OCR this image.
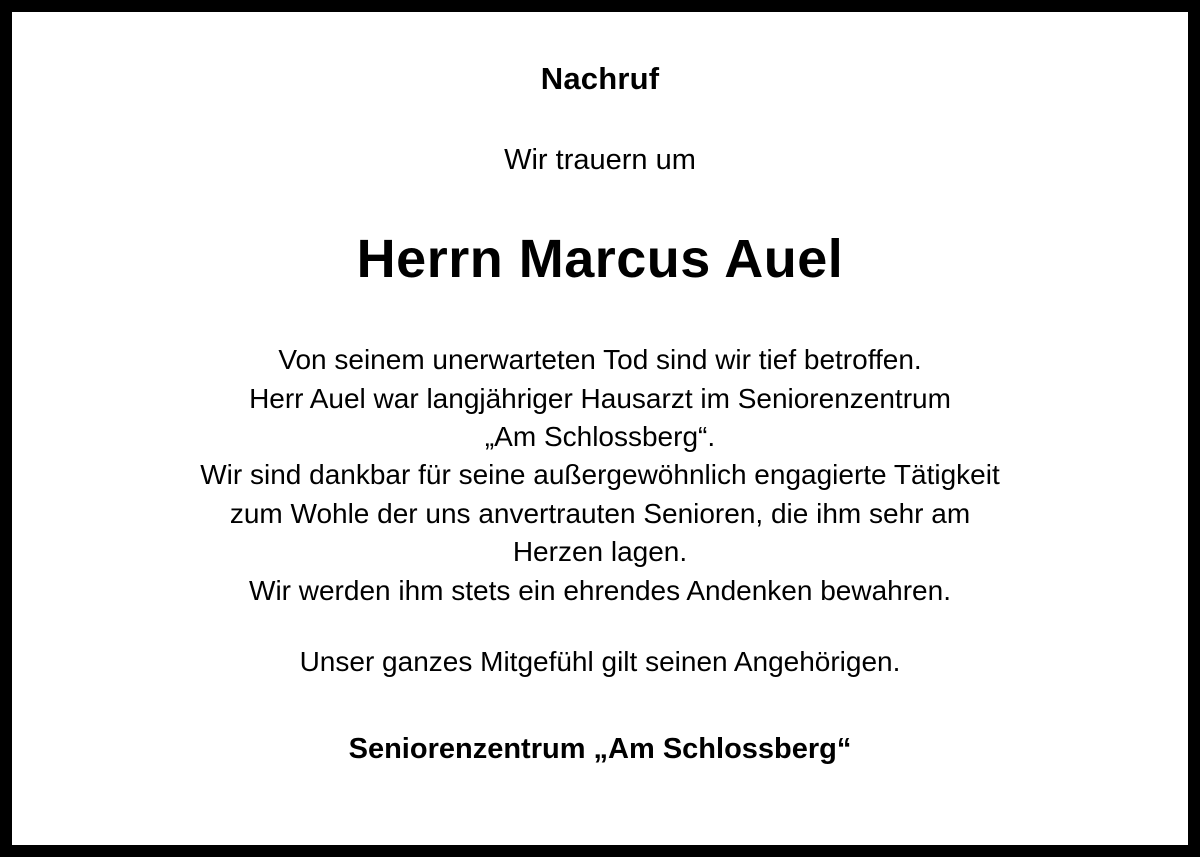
Nachruf
Wir trauern um
Herrn Marcus Auel
Von seinem unerwarteten Tod sind wir tief betroffen.
Herr Auel war langjähriger Hausarzt im Seniorenzentrum
„Am Schlossberg“.
Wir sind dankbar für seine außergewöhnlich engagierte Tätigkeit
zum Wohle der uns anvertrauten Senioren, die ihm sehr am
Herzen lagen.
Wir werden ihm stets ein ehrendes Andenken bewahren.
Unser ganzes Mitgefühl gilt seinen Angehörigen.
Seniorenzentrum „Am Schlossberg“
